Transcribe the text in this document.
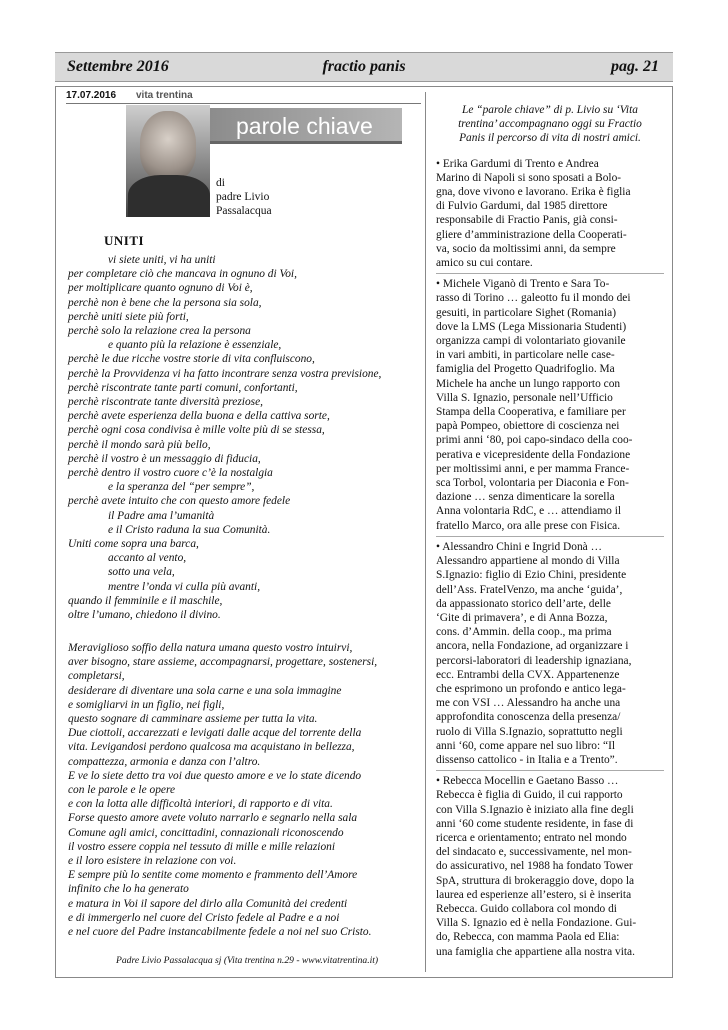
Settembre 2016	fractio panis	pag. 21
17.07.2016 vita trentina
parole chiave
di
padre Livio
Passalacqua
UNITI
vi siete uniti, vi ha uniti
per completare ciò che mancava in ognuno di Voi,
per moltiplicare quanto ognuno di Voi è,
perchè non è bene che la persona sia sola,
perchè uniti siete più forti,
perchè solo la relazione crea la persona
e quanto più la relazione è essenziale,
perchè le due ricche vostre storie di vita confluiscono,
perchè la Provvidenza vi ha fatto incontrare senza vostra previsione,
perchè riscontrate tante parti comuni, confortanti,
perchè riscontrate tante diversità preziose,
perchè avete esperienza della buona e della cattiva sorte,
perchè ogni cosa condivisa è mille volte più di se stessa,
perchè il mondo sarà più bello,
perchè il vostro è un messaggio di fiducia,
perchè dentro il vostro cuore c’è la nostalgia
e la speranza del “per sempre”,
perchè avete intuito che con questo amore fedele
il Padre ama l’umanità
e il Cristo raduna la sua Comunità.
Uniti come sopra una barca,
accanto al vento,
sotto una vela,
mentre l’onda vi culla più avanti,
quando il femminile e il maschile,
oltre l’umano, chiedono il divino.
Meraviglioso soffio della natura umana questo vostro intuirvi,
aver bisogno, stare assieme, accompagnarsi, progettare, sostenersi,
completarsi,
desiderare di diventare una sola carne e una sola immagine
e somigliarvi in un figlio, nei figli,
questo sognare di camminare assieme per tutta la vita.
Due ciottoli, accarezzati e levigati dalle acque del torrente della
vita. Levigandosi perdono qualcosa ma acquistano in bellezza,
compattezza, armonia e danza con l’altro.
E ve lo siete detto tra voi due questo amore e ve lo state dicendo
con le parole e le opere
e con la lotta alle difficoltà interiori, di rapporto e di vita.
Forse questo amore avete voluto narrarlo e segnarlo nella sala
Comune agli amici, concittadini, connazionali riconoscendo
il vostro essere coppia nel tessuto di mille e mille relazioni
e il loro esistere in relazione con voi.
E sempre più lo sentite come momento e frammento dell’Amore
infinito che lo ha generato
e matura in Voi il sapore del dirlo alla Comunità dei credenti
e di immergerlo nel cuore del Cristo fedele al Padre e a noi
e nel cuore del Padre instancabilmente fedele a noi nel suo Cristo.
Padre Livio Passalacqua sj (Vita trentina n.29 - www.vitatrentina.it)
Le “parole chiave” di p. Livio su ‘Vita
trentina’ accompagnano oggi su Fractio
Panis il percorso di vita di nostri amici.
• Erika Gardumi di Trento e Andrea
Marino di Napoli si sono sposati a Bolo-
gna, dove vivono e lavorano. Erika è figlia
di Fulvio Gardumi, dal 1985 direttore
responsabile di Fractio Panis, già consi-
gliere d’amministrazione della Cooperati-
va, socio da moltissimi anni, da sempre
amico su cui contare.
• Michele Viganò di Trento e Sara To-
rasso di Torino … galeotto fu il mondo dei
gesuiti, in particolare Sighet (Romania)
dove la LMS (Lega Missionaria Studenti)
organizza campi di volontariato giovanile
in vari ambiti, in particolare nelle case-
famiglia del Progetto Quadrifoglio. Ma
Michele ha anche un lungo rapporto con
Villa S. Ignazio, personale nell’Ufficio
Stampa della Cooperativa, e familiare per
papà Pompeo, obiettore di coscienza nei
primi anni ‘80, poi capo-sindaco della coo-
perativa e vicepresidente della Fondazione
per moltissimi anni, e per mamma France-
sca Torbol, volontaria per Diaconia e Fon-
dazione … senza dimenticare la sorella
Anna volontaria RdC, e … attendiamo il
fratello Marco, ora alle prese con Fisica.
• Alessandro Chini e Ingrid Donà …
Alessandro appartiene al mondo di Villa
S.Ignazio: figlio di Ezio Chini, presidente
dell’Ass. FratelVenzo, ma anche ‘guida’,
da appassionato storico dell’arte, delle
‘Gite di primavera’, e di Anna Bozza,
cons. d’Ammin. della coop., ma prima
ancora, nella Fondazione, ad organizzare i
percorsi-laboratori di leadership ignaziana,
ecc. Entrambi della CVX. Appartenenze
che esprimono un profondo e antico lega-
me con VSI … Alessandro ha anche una
approfondita conoscenza della presenza/
ruolo di Villa S.Ignazio, soprattutto negli
anni ‘60, come appare nel suo libro: “Il
dissenso cattolico - in Italia e a Trento”.
• Rebecca Mocellin e Gaetano Basso …
Rebecca è figlia di Guido, il cui rapporto
con Villa S.Ignazio è iniziato alla fine degli
anni ‘60 come studente residente, in fase di
ricerca e orientamento; entrato nel mondo
del sindacato e, successivamente, nel mon-
do assicurativo, nel 1988 ha fondato Tower
SpA, struttura di brokeraggio dove, dopo la
laurea ed esperienze all’estero, si è inserita
Rebecca. Guido collabora col mondo di
Villa S. Ignazio ed è nella Fondazione. Gui-
do, Rebecca, con mamma Paola ed Elia:
una famiglia che appartiene alla nostra vita.
